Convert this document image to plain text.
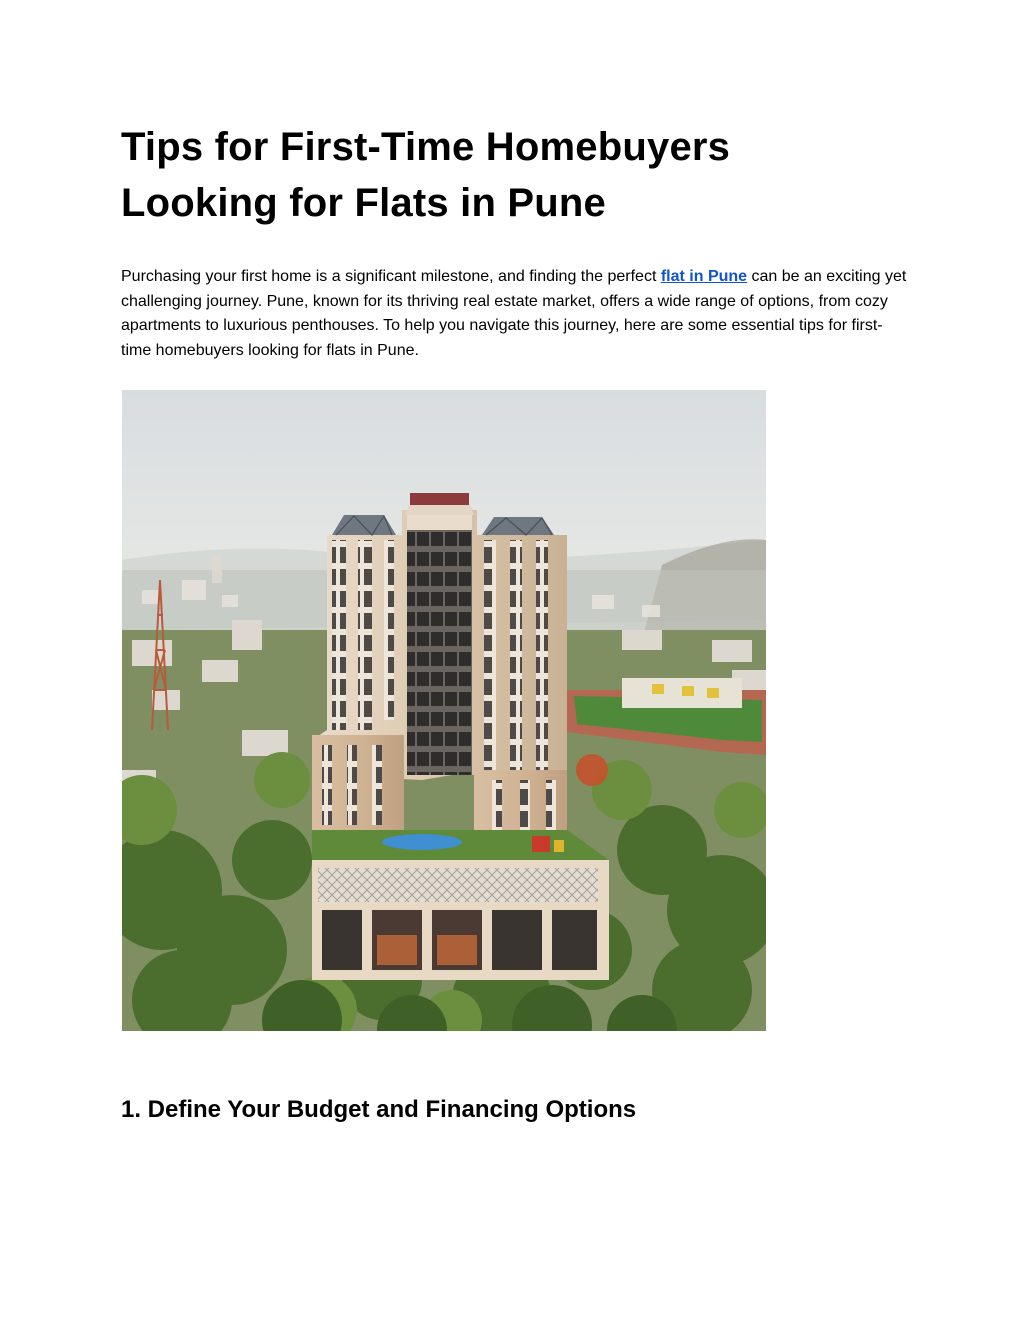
Tips for First-Time Homebuyers
Looking for Flats in Pune

Purchasing your first home is a significant milestone, and finding the perfect flat in Pune can be an exciting yet challenging journey. Pune, known for its thriving real estate market, offers a wide range of options, from cozy apartments to luxurious penthouses. To help you navigate this journey, here are some essential tips for first-time homebuyers looking for flats in Pune.

1. Define Your Budget and Financing Options
